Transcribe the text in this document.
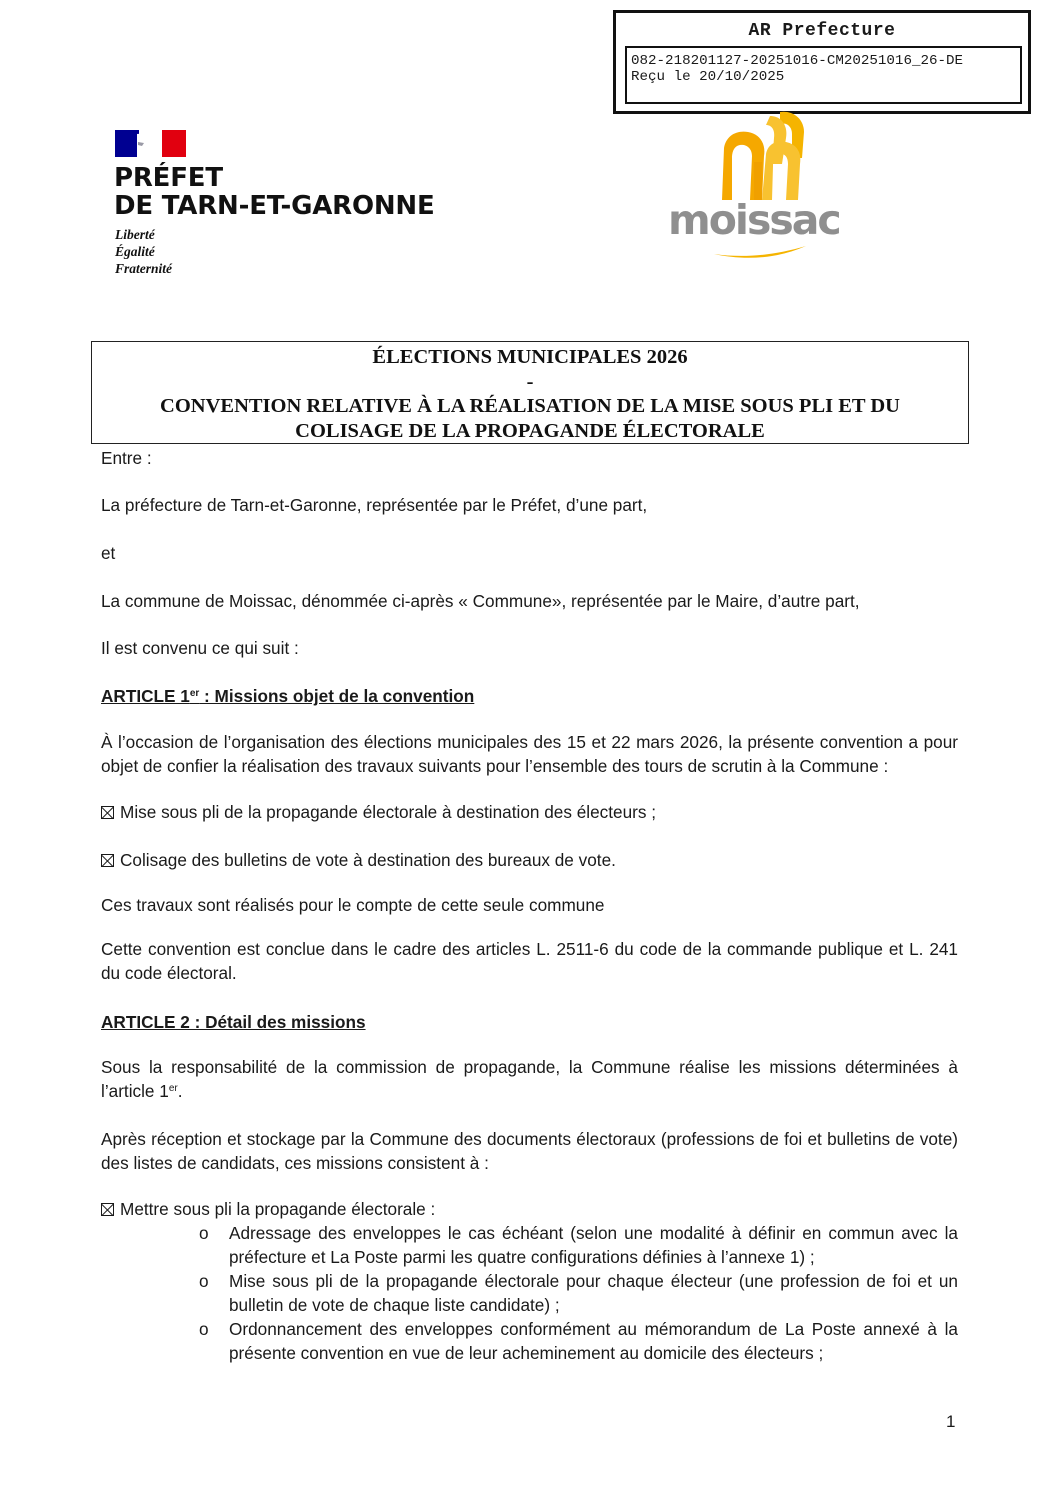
AR Prefecture
082-218201127-20251016-CM20251016_26-DE
Reçu le 20/10/2025
PRÉFET
DE TARN-ET-GARONNE
Liberté
Égalité
Fraternité
moissac
ÉLECTIONS MUNICIPALES 2026
-
CONVENTION RELATIVE À LA RÉALISATION DE LA MISE SOUS PLI ET DU
COLISAGE DE LA PROPAGANDE ÉLECTORALE

Entre :

La préfecture de Tarn-et-Garonne, représentée par le Préfet, d’une part,

et

La commune de Moissac, dénommée ci-après « Commune», représentée par le Maire, d’autre part,

Il est convenu ce qui suit :

ARTICLE 1er : Missions objet de la convention

À l’occasion de l’organisation des élections municipales des 15 et 22 mars 2026, la présente convention a pour objet de confier la réalisation des travaux suivants pour l’ensemble des tours de scrutin à la Commune :

Mise sous pli de la propagande électorale à destination des électeurs ;

Colisage des bulletins de vote à destination des bureaux de vote.

Ces travaux sont réalisés pour le compte de cette seule commune

Cette convention est conclue dans le cadre des articles L. 2511-6 du code de la commande publique et L. 241 du code électoral.

ARTICLE 2 : Détail des missions

Sous la responsabilité de la commission de propagande, la Commune réalise les missions déterminées à l’article 1er.

Après réception et stockage par la Commune des documents électoraux (professions de foi et bulletins de vote) des listes de candidats, ces missions consistent à :

Mettre sous pli la propagande électorale :

o	Adressage des enveloppes le cas échéant (selon une modalité à définir en commun avec la préfecture et La Poste parmi les quatre configurations définies à l’annexe 1) ;
o	Mise sous pli de la propagande électorale pour chaque électeur (une profession de foi et un bulletin de vote de chaque liste candidate) ;
o	Ordonnancement des enveloppes conformément au mémorandum de La Poste annexé à la présente convention en vue de leur acheminement au domicile des électeurs ;
1
